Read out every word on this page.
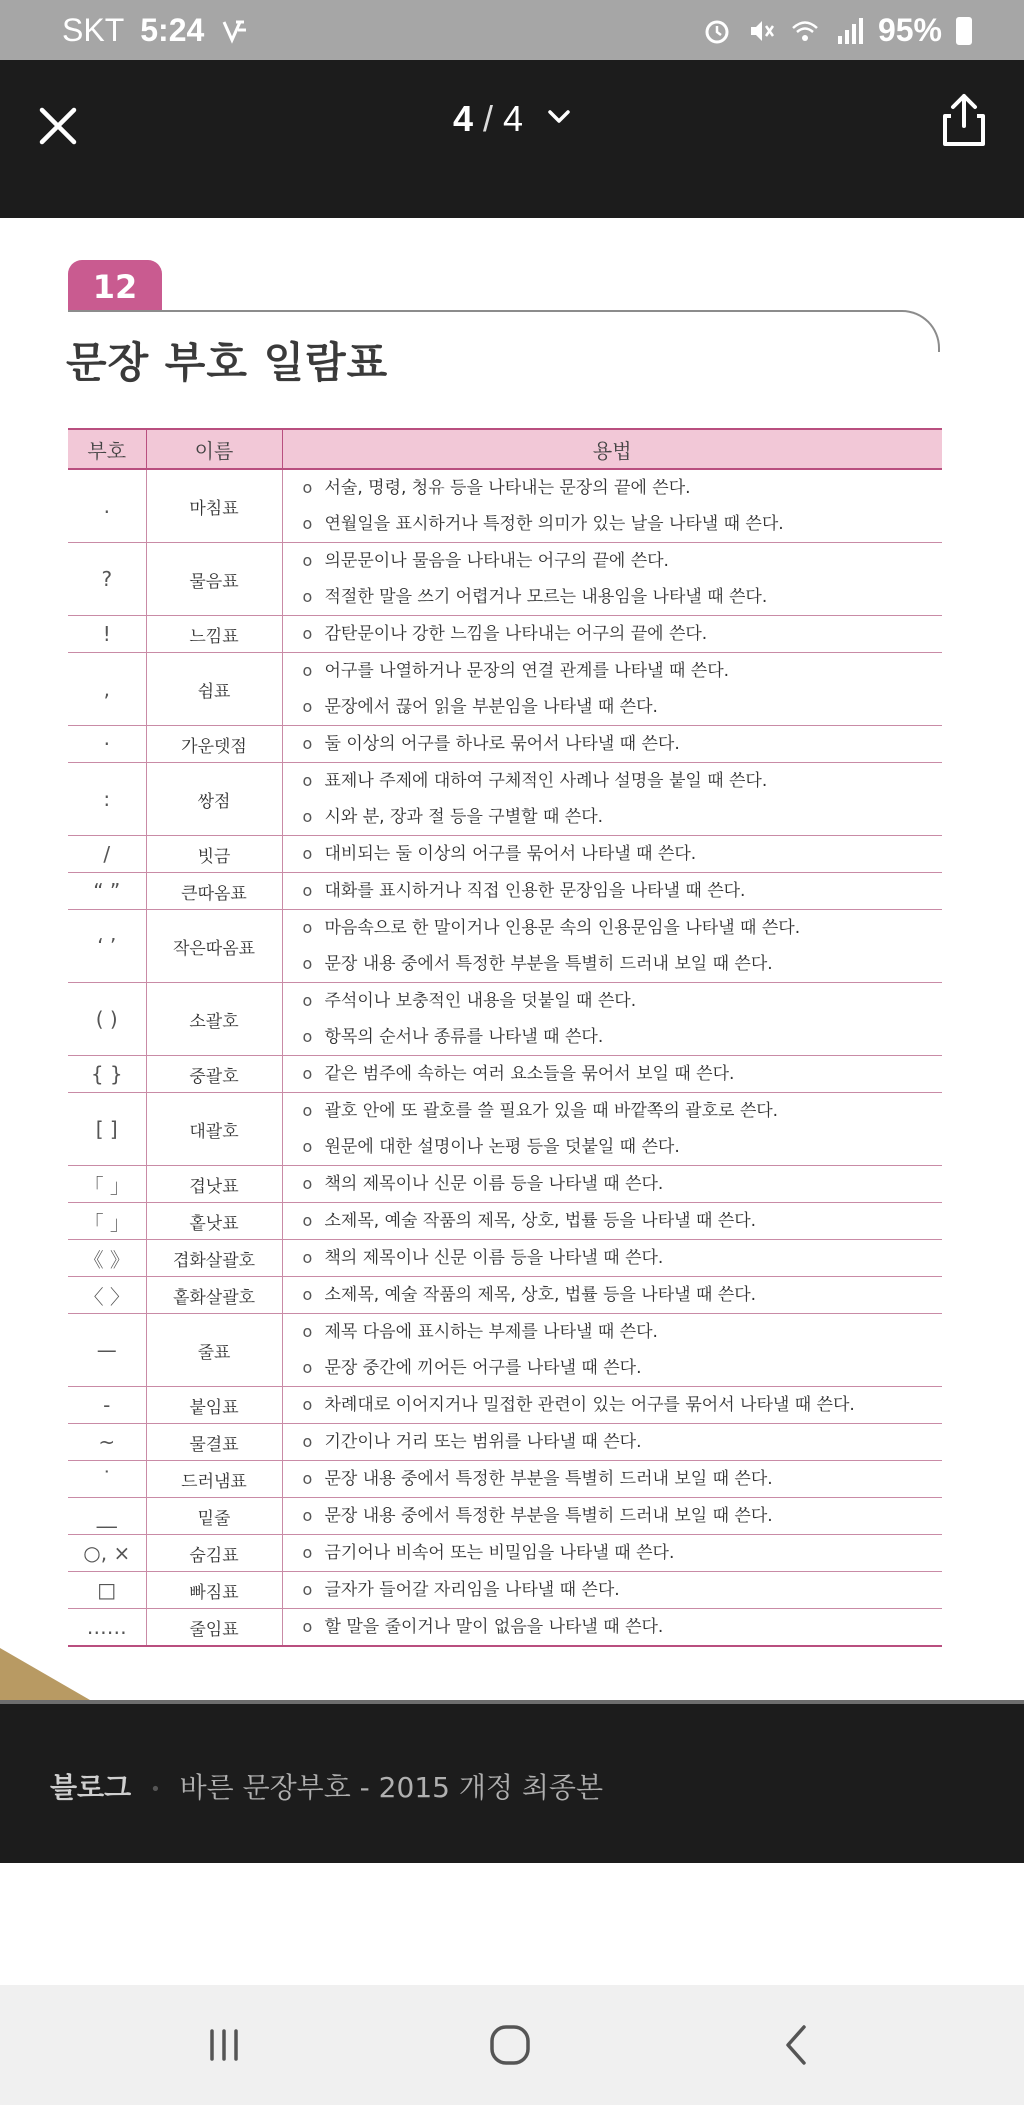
SKT 5:24	95%
4 / 4
12
문장 부호 일람표
부호	이름	용법
.	마침표	o 서술, 명령, 청유 등을 나타내는 문장의 끝에 쓴다.
o 연월일을 표시하거나 특정한 의미가 있는 날을 나타낼 때 쓴다.

?	물음표	o 의문문이나 물음을 나타내는 어구의 끝에 쓴다.
o 적절한 말을 쓰기 어렵거나 모르는 내용임을 나타낼 때 쓴다.

!	느낌표	o 감탄문이나 강한 느낌을 나타내는 어구의 끝에 쓴다.

,	쉼표	o 어구를 나열하거나 문장의 연결 관계를 나타낼 때 쓴다.
o 문장에서 끊어 읽을 부분임을 나타낼 때 쓴다.

·	가운뎃점	o 둘 이상의 어구를 하나로 묶어서 나타낼 때 쓴다.

:	쌍점	o 표제나 주제에 대하여 구체적인 사례나 설명을 붙일 때 쓴다.
o 시와 분, 장과 절 등을 구별할 때 쓴다.

/	빗금	o 대비되는 둘 이상의 어구를 묶어서 나타낼 때 쓴다.

“ ”	큰따옴표	o 대화를 표시하거나 직접 인용한 문장임을 나타낼 때 쓴다.

‘ ’	작은따옴표	o 마음속으로 한 말이거나 인용문 속의 인용문임을 나타낼 때 쓴다.
o 문장 내용 중에서 특정한 부분을 특별히 드러내 보일 때 쓴다.

( )	소괄호	o 주석이나 보충적인 내용을 덧붙일 때 쓴다.
o 항목의 순서나 종류를 나타낼 때 쓴다.

{ }	중괄호	o 같은 범주에 속하는 여러 요소들을 묶어서 보일 때 쓴다.

[ ]	대괄호	o 괄호 안에 또 괄호를 쓸 필요가 있을 때 바깥쪽의 괄호로 쓴다.
o 원문에 대한 설명이나 논평 등을 덧붙일 때 쓴다.

「 」	겹낫표	o 책의 제목이나 신문 이름 등을 나타낼 때 쓴다.

「 」	홑낫표	o 소제목, 예술 작품의 제목, 상호, 법률 등을 나타낼 때 쓴다.

《 》	겹화살괄호	o 책의 제목이나 신문 이름 등을 나타낼 때 쓴다.

〈 〉	홑화살괄호	o 소제목, 예술 작품의 제목, 상호, 법률 등을 나타낼 때 쓴다.

—	줄표	o 제목 다음에 표시하는 부제를 나타낼 때 쓴다.
o 문장 중간에 끼어든 어구를 나타낼 때 쓴다.

-	붙임표	o 차례대로 이어지거나 밀접한 관련이 있는 어구를 묶어서 나타낼 때 쓴다.

~	물결표	o 기간이나 거리 또는 범위를 나타낼 때 쓴다.

˙	드러냄표	o 문장 내용 중에서 특정한 부분을 특별히 드러내 보일 때 쓴다.

__	밑줄	o 문장 내용 중에서 특정한 부분을 특별히 드러내 보일 때 쓴다.

○, ×	숨김표	o 금기어나 비속어 또는 비밀임을 나타낼 때 쓴다.

□	빠짐표	o 글자가 들어갈 자리임을 나타낼 때 쓴다.

……	줄임표	o 할 말을 줄이거나 말이 없음을 나타낼 때 쓴다.
블로그 • 바른 문장부호 - 2015 개정 최종본
